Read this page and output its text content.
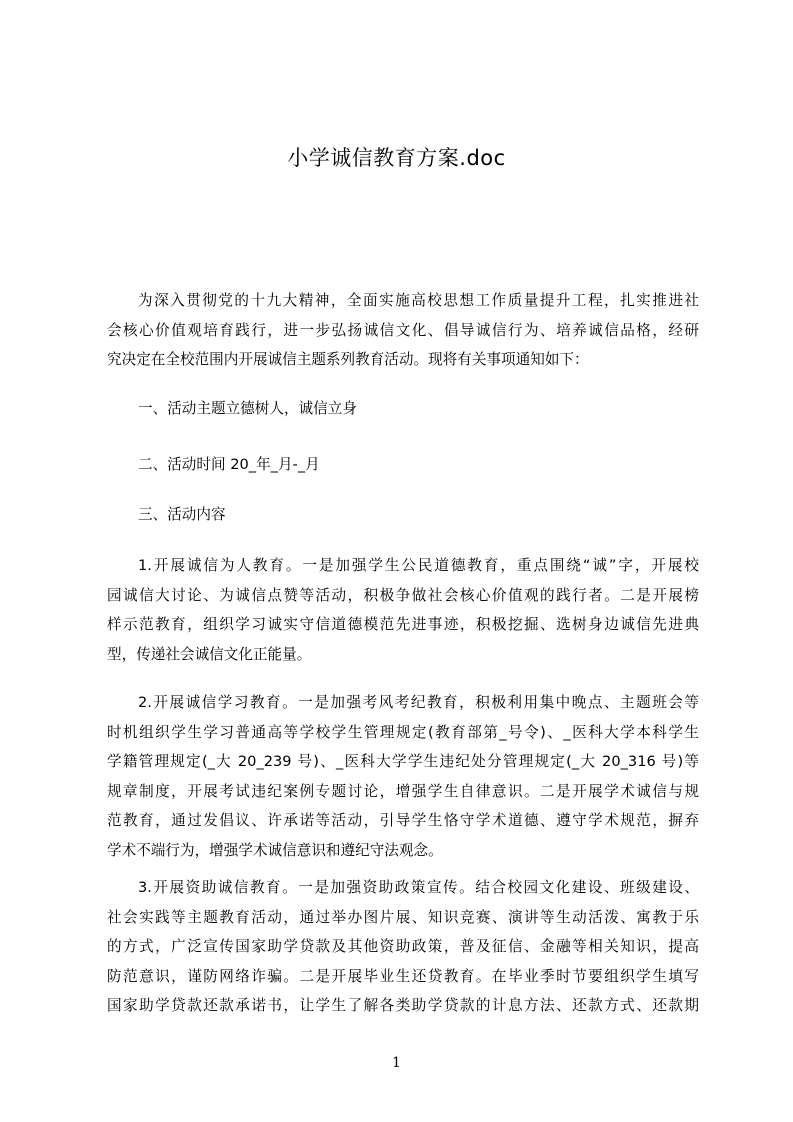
小学诚信教育方案.doc
为深入贯彻党的十九大精神，全面实施高校思想工作质量提升工程，扎实推进社
会核心价值观培育践行，进一步弘扬诚信文化、倡导诚信行为、培养诚信品格，经研
究决定在全校范围内开展诚信主题系列教育活动。现将有关事项通知如下：
一、活动主题立德树人，诚信立身
二、活动时间 20_年_月-_月
三、活动内容
1.开展诚信为人教育。一是加强学生公民道德教育，重点围绕“诚”字，开展校
园诚信大讨论、为诚信点赞等活动，积极争做社会核心价值观的践行者。二是开展榜
样示范教育，组织学习诚实守信道德模范先进事迹，积极挖掘、选树身边诚信先进典
型，传递社会诚信文化正能量。
2.开展诚信学习教育。一是加强考风考纪教育，积极利用集中晚点、主题班会等
时机组织学生学习普通高等学校学生管理规定(教育部第_号令)、_医科大学本科学生
学籍管理规定(_大 20_239 号)、_医科大学学生违纪处分管理规定(_大 20_316 号)等
规章制度，开展考试违纪案例专题讨论，增强学生自律意识。二是开展学术诚信与规
范教育，通过发倡议、许承诺等活动，引导学生恪守学术道德、遵守学术规范，摒弃
学术不端行为，增强学术诚信意识和遵纪守法观念。
3.开展资助诚信教育。一是加强资助政策宣传。结合校园文化建设、班级建设、
社会实践等主题教育活动，通过举办图片展、知识竞赛、演讲等生动活泼、寓教于乐
的方式，广泛宣传国家助学贷款及其他资助政策，普及征信、金融等相关知识，提高
防范意识，谨防网络诈骗。二是开展毕业生还贷教育。在毕业季时节要组织学生填写
国家助学贷款还款承诺书，让学生了解各类助学贷款的计息方法、还款方式、还款期
1
